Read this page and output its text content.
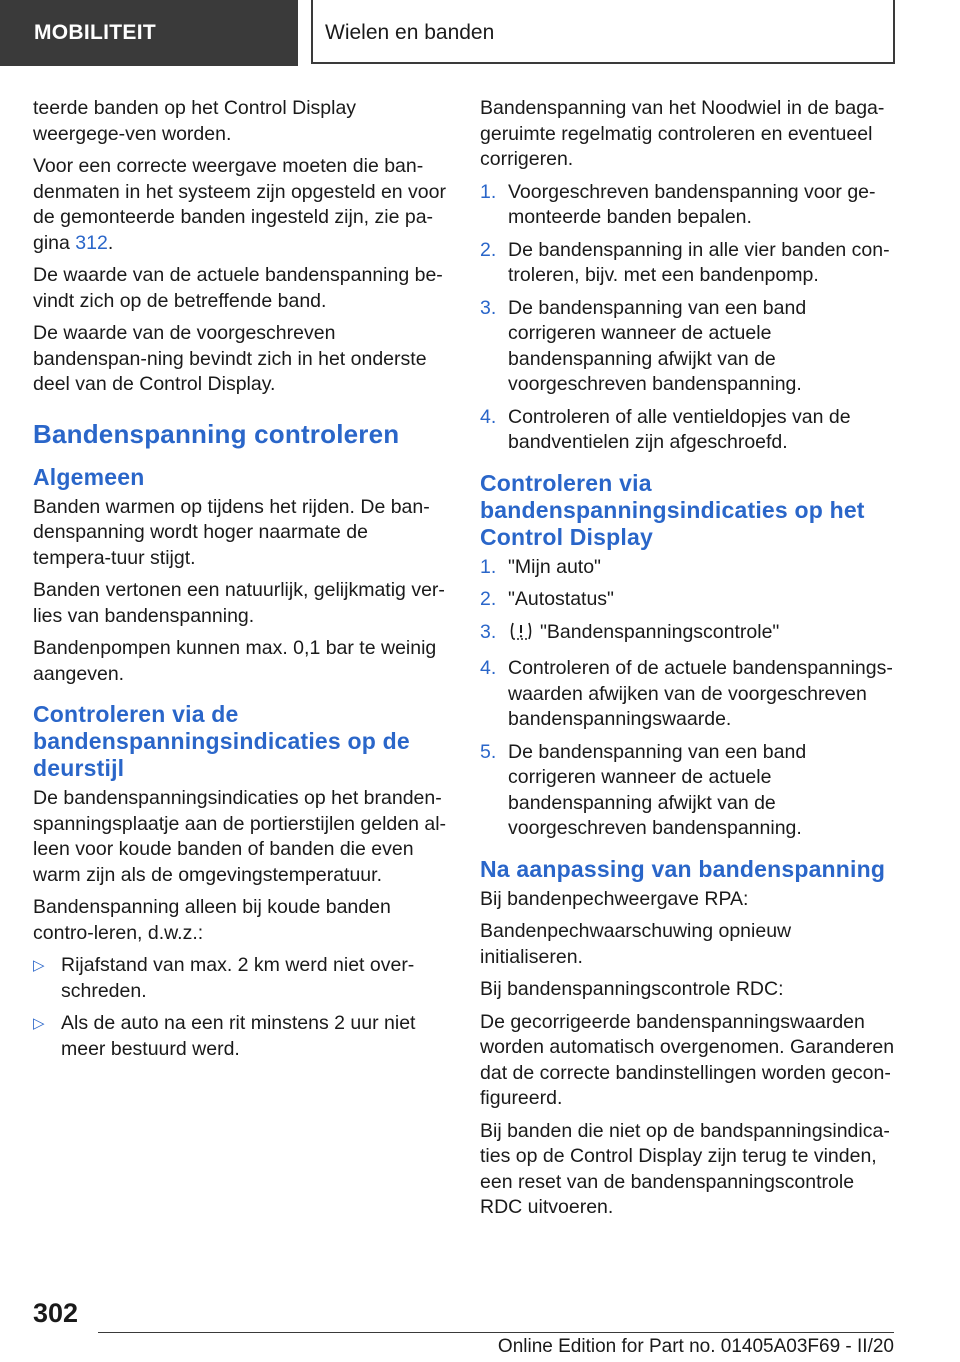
MOBILITEIT	Wielen en banden

teerde banden op het Control Display weergege-ven worden.

Voor een correcte weergave moeten die ban-denmaten in het systeem zijn opgesteld en voor de gemonteerde banden ingesteld zijn, zie pa-gina 312.

De waarde van de actuele bandenspanning be-vindt zich op de betreffende band.

De waarde van de voorgeschreven bandenspan-ning bevindt zich in het onderste deel van de Control Display.

Bandenspanning controleren
Algemeen

Banden warmen op tijdens het rijden. De ban-denspanning wordt hoger naarmate de tempera-tuur stijgt.

Banden vertonen een natuurlijk, gelijkmatig ver-lies van bandenspanning.

Bandenpompen kunnen max. 0,1 bar te weinig aangeven.

Controleren via de bandenspanningsindicaties op de deurstijl

De bandenspanningsindicaties op het branden-spanningsplaatje aan de portierstijlen gelden al-leen voor koude banden of banden die even warm zijn als de omgevingstemperatuur.

Bandenspanning alleen bij koude banden contro-leren, d.w.z.:

▷ Rijafstand van max. 2 km werd niet over-schreden.
▷ Als de auto na een rit minstens 2 uur niet meer bestuurd werd.

Bandenspanning van het Noodwiel in de baga-geruimte regelmatig controleren en eventueel corrigeren.

1. Voorgeschreven bandenspanning voor ge-monteerde banden bepalen.
2. De bandenspanning in alle vier banden con-troleren, bijv. met een bandenpomp.
3. De bandenspanning van een band corrigeren wanneer de actuele bandenspanning afwijkt van de voorgeschreven bandenspanning.
4. Controleren of alle ventieldopjes van de bandventielen zijn afgeschroefd.
Controleren via bandenspanningsindicaties op het Control Display
1. "Mijn auto"
2. "Autostatus"
3. "Bandenspanningscontrole"
4. Controleren of de actuele bandenspannings-waarden afwijken van de voorgeschreven bandenspanningswaarde.
5. De bandenspanning van een band corrigeren wanneer de actuele bandenspanning afwijkt van de voorgeschreven bandenspanning.
Na aanpassing van bandenspanning

Bij bandenpechweergave RPA:

Bandenpechwaarschuwing opnieuw initialiseren.

Bij bandenspanningscontrole RDC:

De gecorrigeerde bandenspanningswaarden worden automatisch overgenomen. Garanderen dat de correcte bandinstellingen worden gecon-figureerd.

Bij banden die niet op de bandspanningsindica-ties op de Control Display zijn terug te vinden, een reset van de bandenspanningscontrole RDC uitvoeren.

302
Online Edition for Part no. 01405A03F69 - II/20
